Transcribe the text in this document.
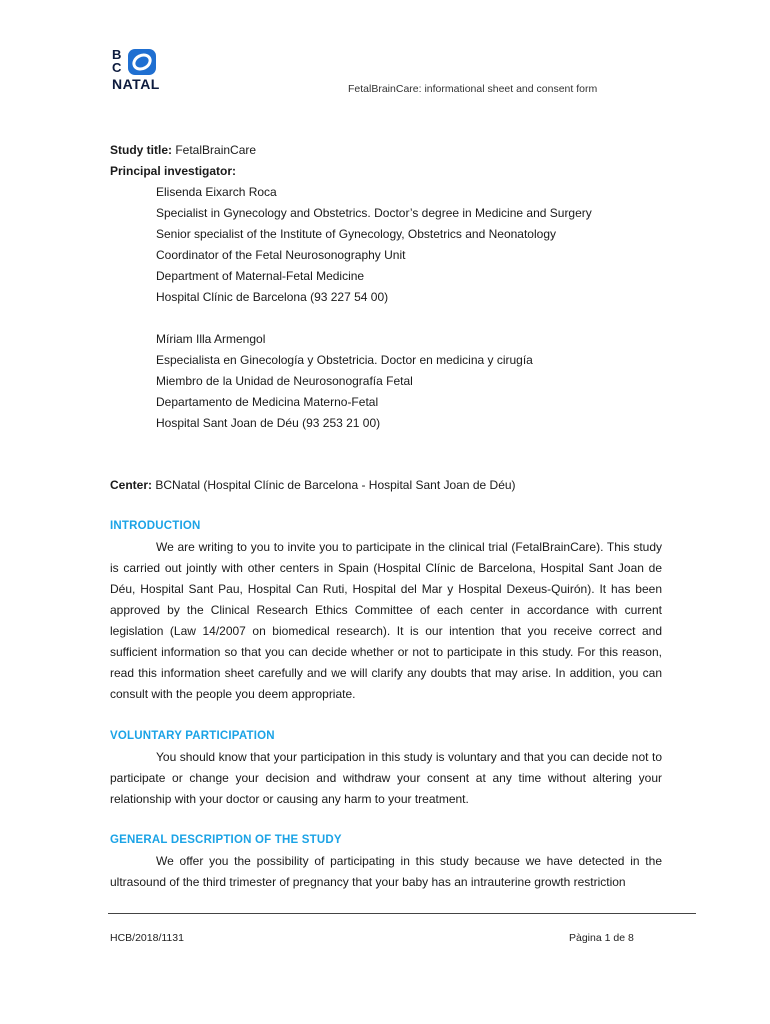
B
C
NATAL	FetalBrainCare: informational sheet and consent form
Study title: FetalBrainCare
Principal investigator:
Elisenda Eixarch Roca
Specialist in Gynecology and Obstetrics. Doctor’s degree in Medicine and Surgery
Senior specialist of the Institute of Gynecology, Obstetrics and Neonatology
Coordinator of the Fetal Neurosonography Unit
Department of Maternal-Fetal Medicine
Hospital Clínic de Barcelona (93 227 54 00)
Míriam Illa Armengol
Especialista en Ginecología y Obstetricia. Doctor en medicina y cirugía
Miembro de la Unidad de Neurosonografía Fetal
Departamento de Medicina Materno-Fetal
Hospital Sant Joan de Déu (93 253 21 00)
Center: BCNatal (Hospital Clínic de Barcelona - Hospital Sant Joan de Déu)
INTRODUCTION
We are writing to you to invite you to participate in the clinical trial (FetalBrainCare). This study is carried out jointly with other centers in Spain (Hospital Clínic de Barcelona, Hospital Sant Joan de Déu, Hospital Sant Pau, Hospital Can Ruti, Hospital del Mar y Hospital Dexeus-Quirón). It has been approved by the Clinical Research Ethics Committee of each center in accordance with current legislation (Law 14/2007 on biomedical research). It is our intention that you receive correct and sufficient information so that you can decide whether or not to participate in this study. For this reason, read this information sheet carefully and we will clarify any doubts that may arise. In addition, you can consult with the people you deem appropriate.
VOLUNTARY PARTICIPATION
You should know that your participation in this study is voluntary and that you can decide not to participate or change your decision and withdraw your consent at any time without altering your relationship with your doctor or causing any harm to your treatment.
GENERAL DESCRIPTION OF THE STUDY
We offer you the possibility of participating in this study because we have detected in the ultrasound of the third trimester of pregnancy that your baby has an intrauterine growth restriction
HCB/2018/1131	Pàgina 1 de 8
